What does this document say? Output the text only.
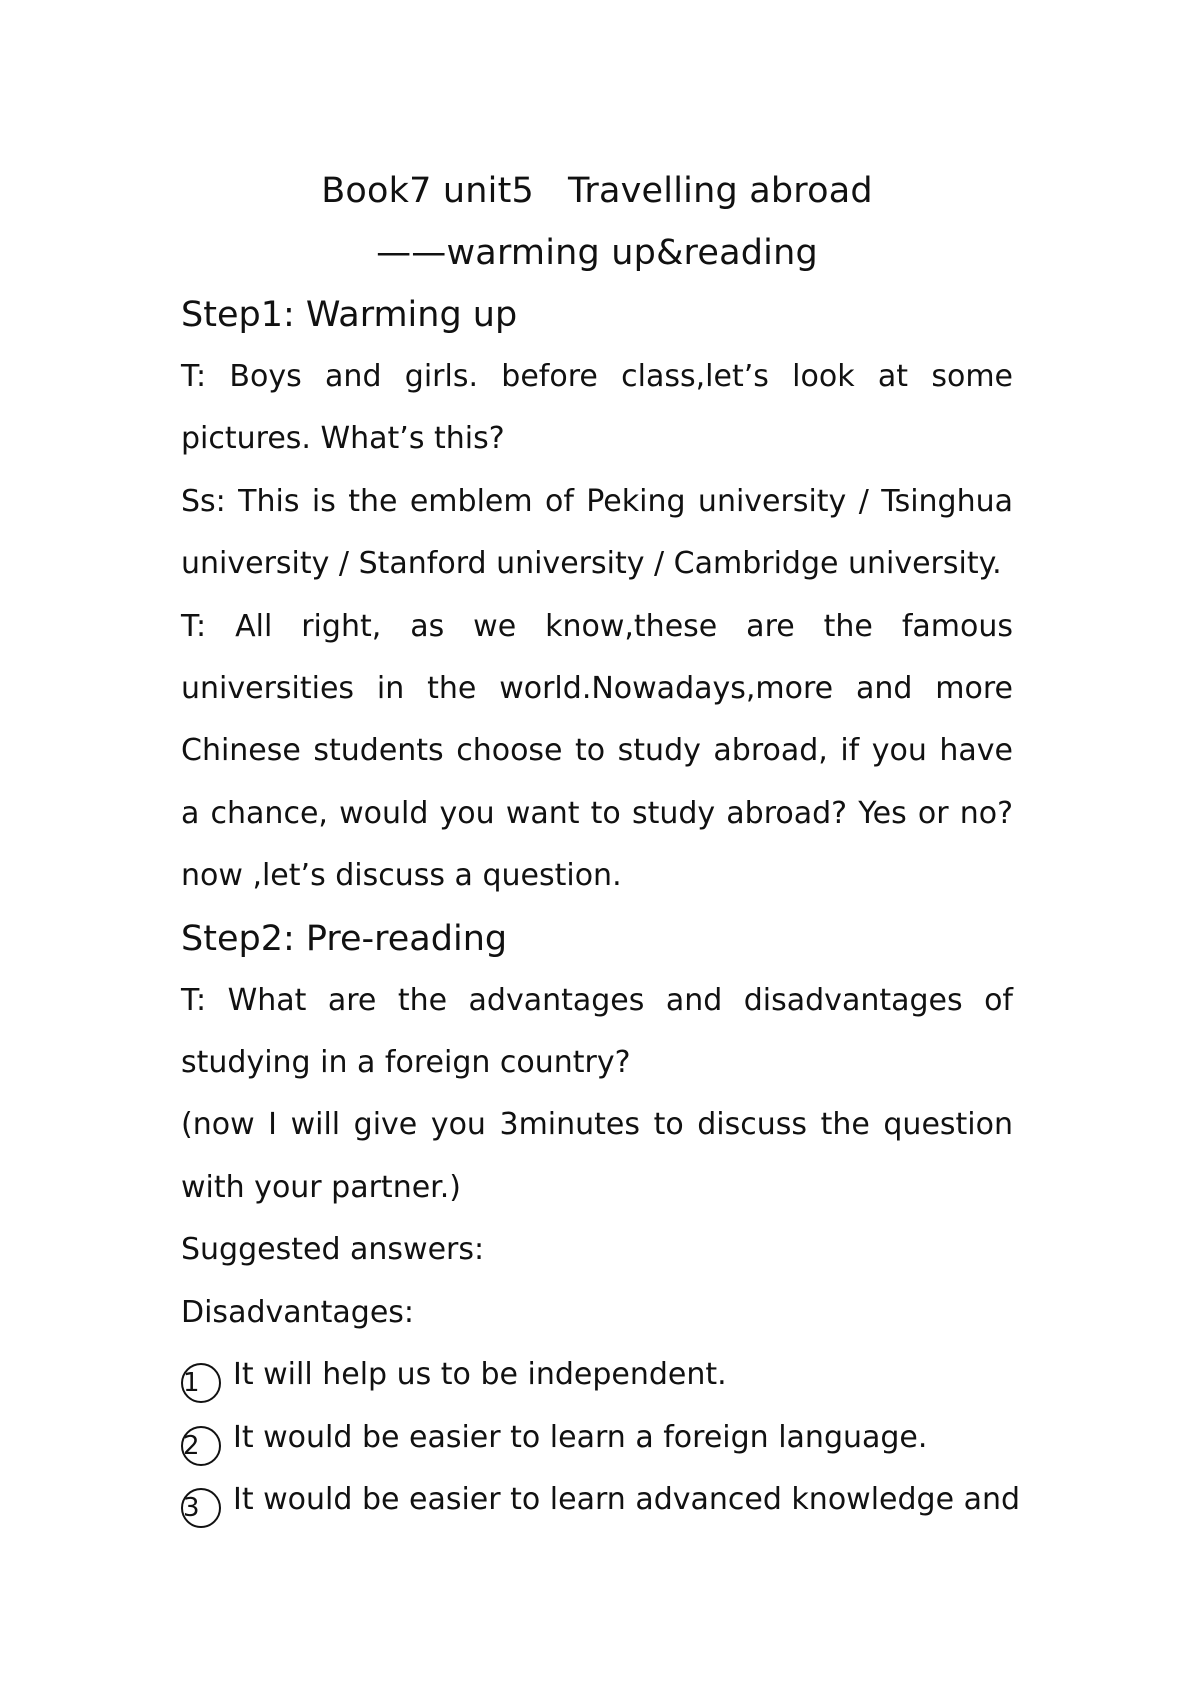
Book7 unit5   Travelling abroad

——warming up&reading

Step1: Warming up

T: Boys and girls. before class,let’s look at some pictures. What’s this?

Ss: This is the emblem of Peking university / Tsinghua university / Stanford university / Cambridge university.

T: All right, as we know,these are the famous universities in the world.Nowadays,more and more Chinese students choose to study abroad, if you have a chance, would you want to study abroad? Yes or no? now ,let’s discuss a question.

Step2: Pre-reading

T: What are the advantages and disadvantages of studying in a foreign country?

(now I will give you 3minutes to discuss the question with your partner.)

Suggested answers:

Disadvantages:

1 It will help us to be independent.

2 It would be easier to learn a foreign language.

3 It would be easier to learn advanced knowledge and
